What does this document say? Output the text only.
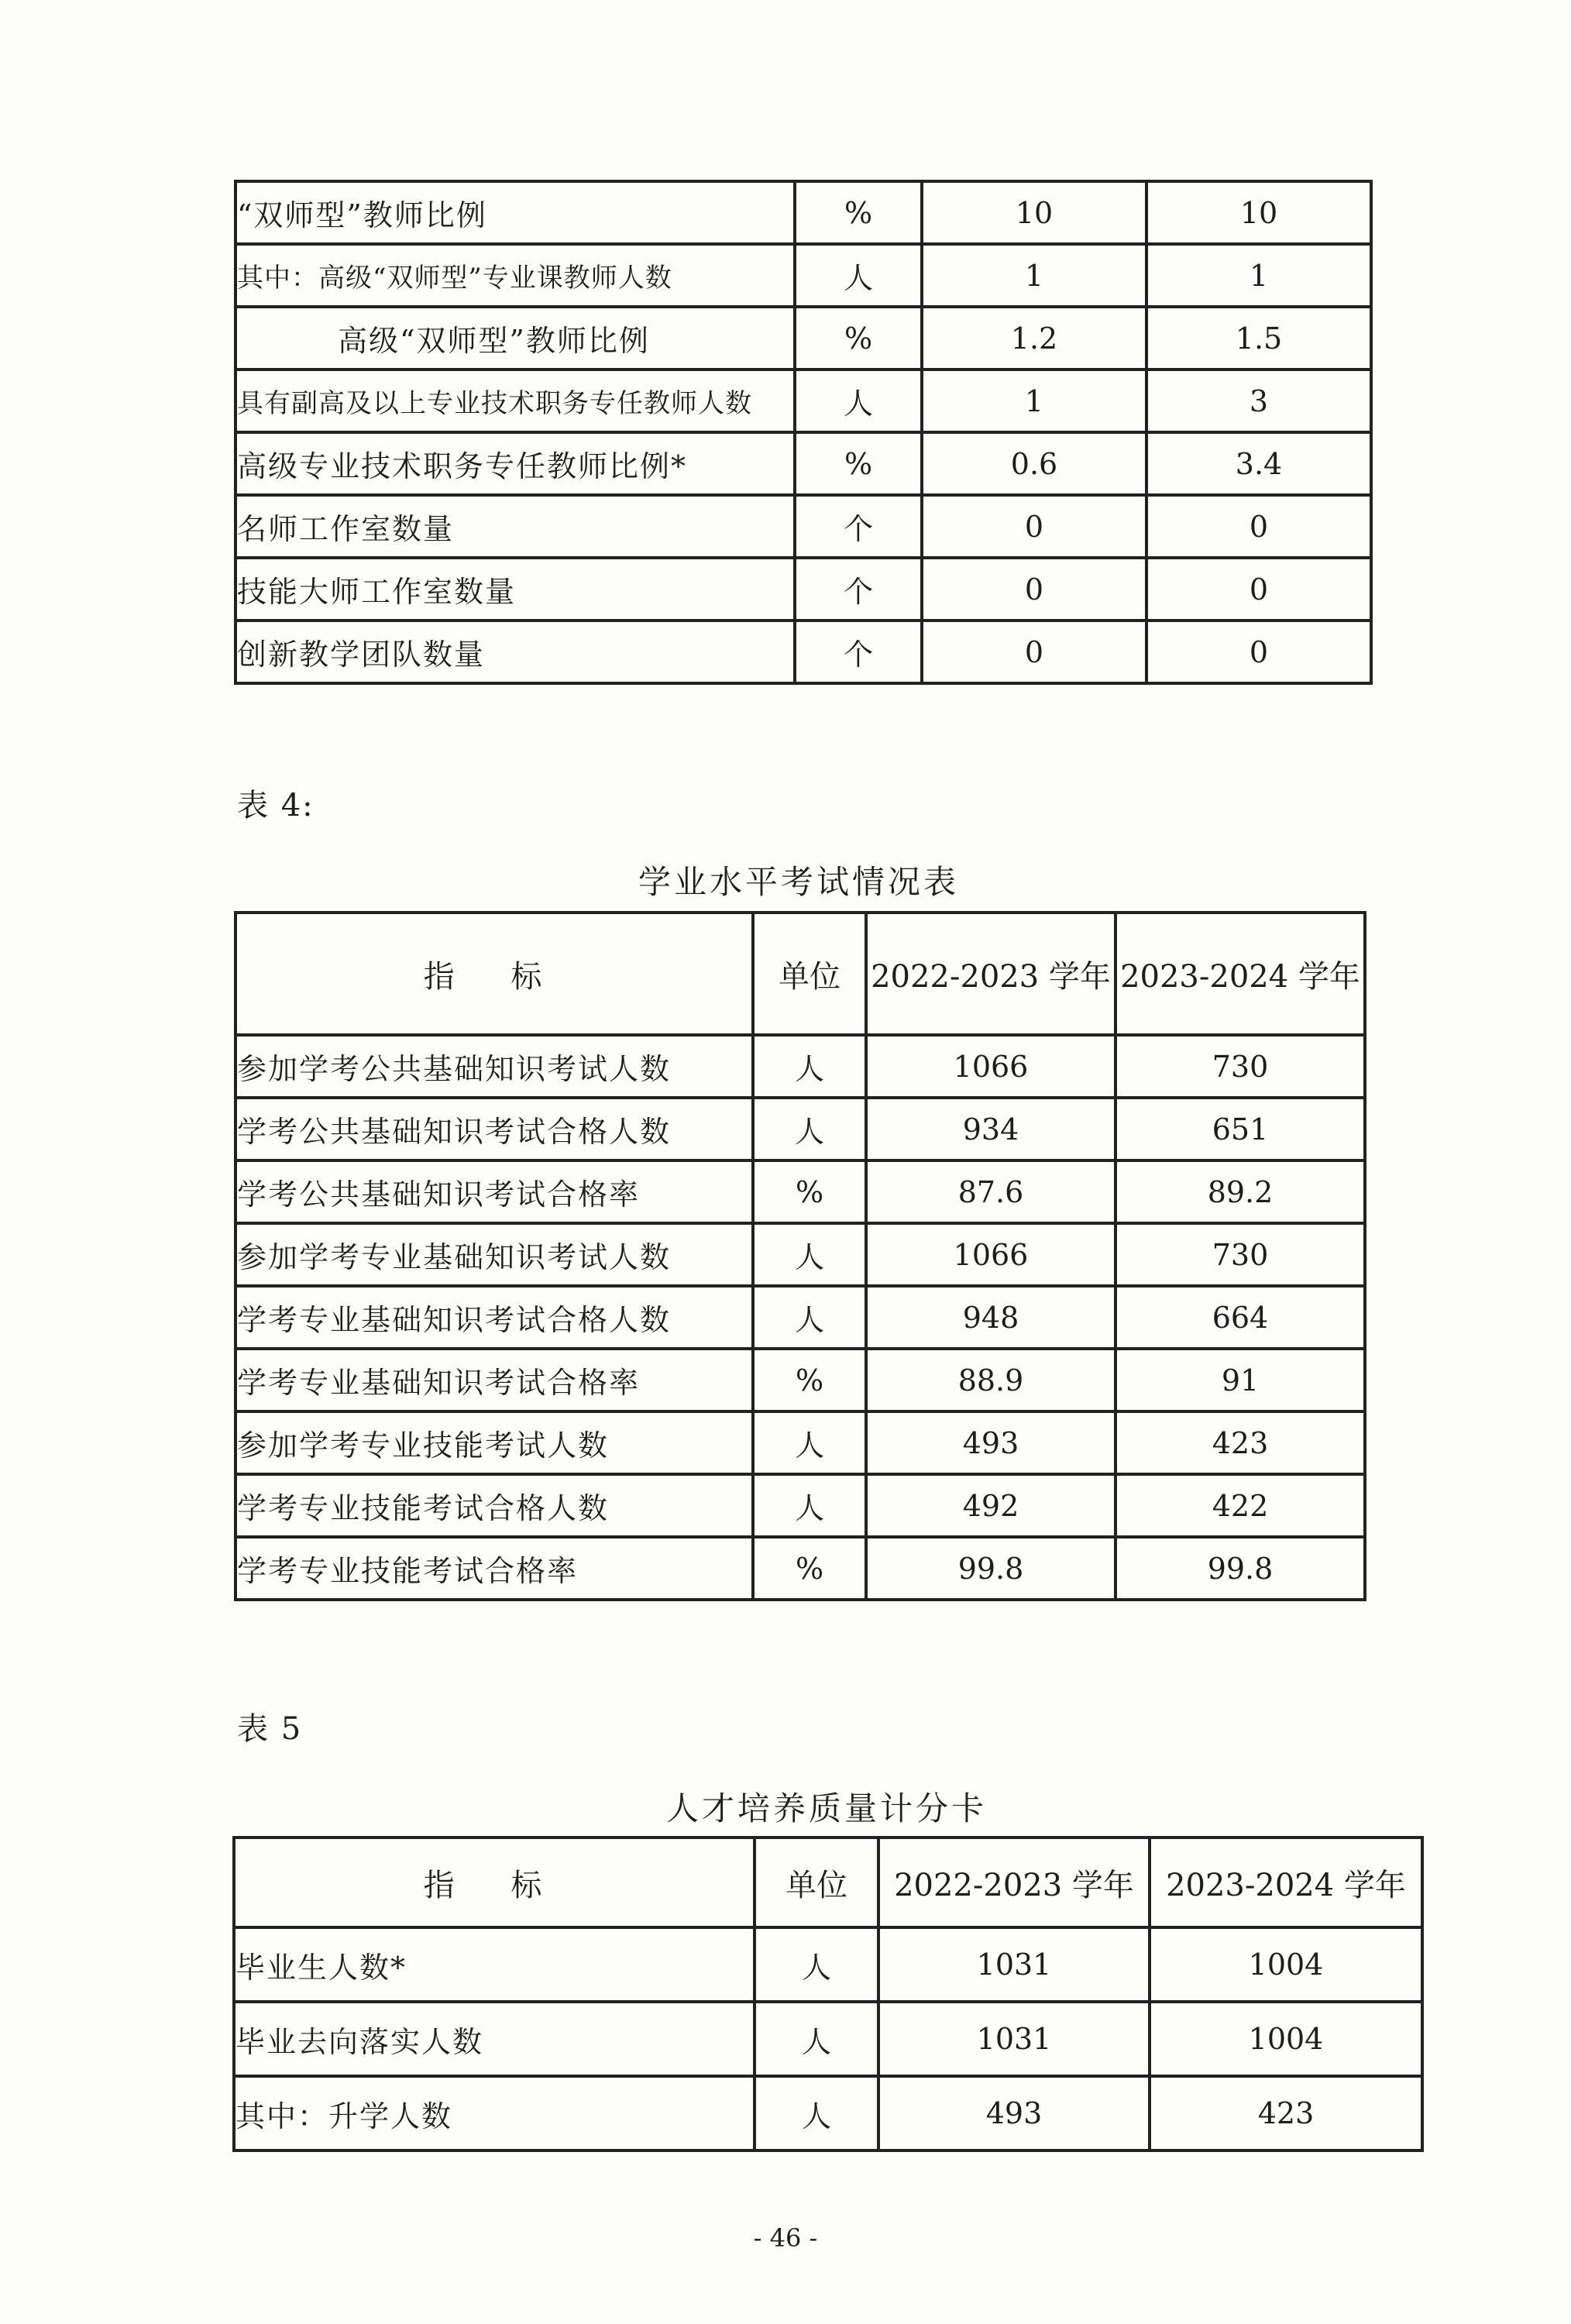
“双师型”教师比例	%	10	10
其中：高级“双师型”专业课教师人数	人	1	1
高级“双师型”教师比例	%	1.2	1.5
具有副高及以上专业技术职务专任教师人数	人	1	3
高级专业技术职务专任教师比例*	%	0.6	3.4
名师工作室数量	个	0	0
技能大师工作室数量	个	0	0
创新教学团队数量	个	0	0
表 4:
学业水平考试情况表
指 标	单位	2022-2023 学年	2023-2024 学年
参加学考公共基础知识考试人数	人	1066	730
学考公共基础知识考试合格人数	人	934	651
学考公共基础知识考试合格率	%	87.6	89.2
参加学考专业基础知识考试人数	人	1066	730
学考专业基础知识考试合格人数	人	948	664
学考专业基础知识考试合格率	%	88.9	91
参加学考专业技能考试人数	人	493	423
学考专业技能考试合格人数	人	492	422
学考专业技能考试合格率	%	99.8	99.8
表 5
人才培养质量计分卡
指 标	单位	2022-2023 学年	2023-2024 学年
毕业生人数*	人	1031	1004
毕业去向落实人数	人	1031	1004
其中：升学人数	人	493	423
- 46 -
